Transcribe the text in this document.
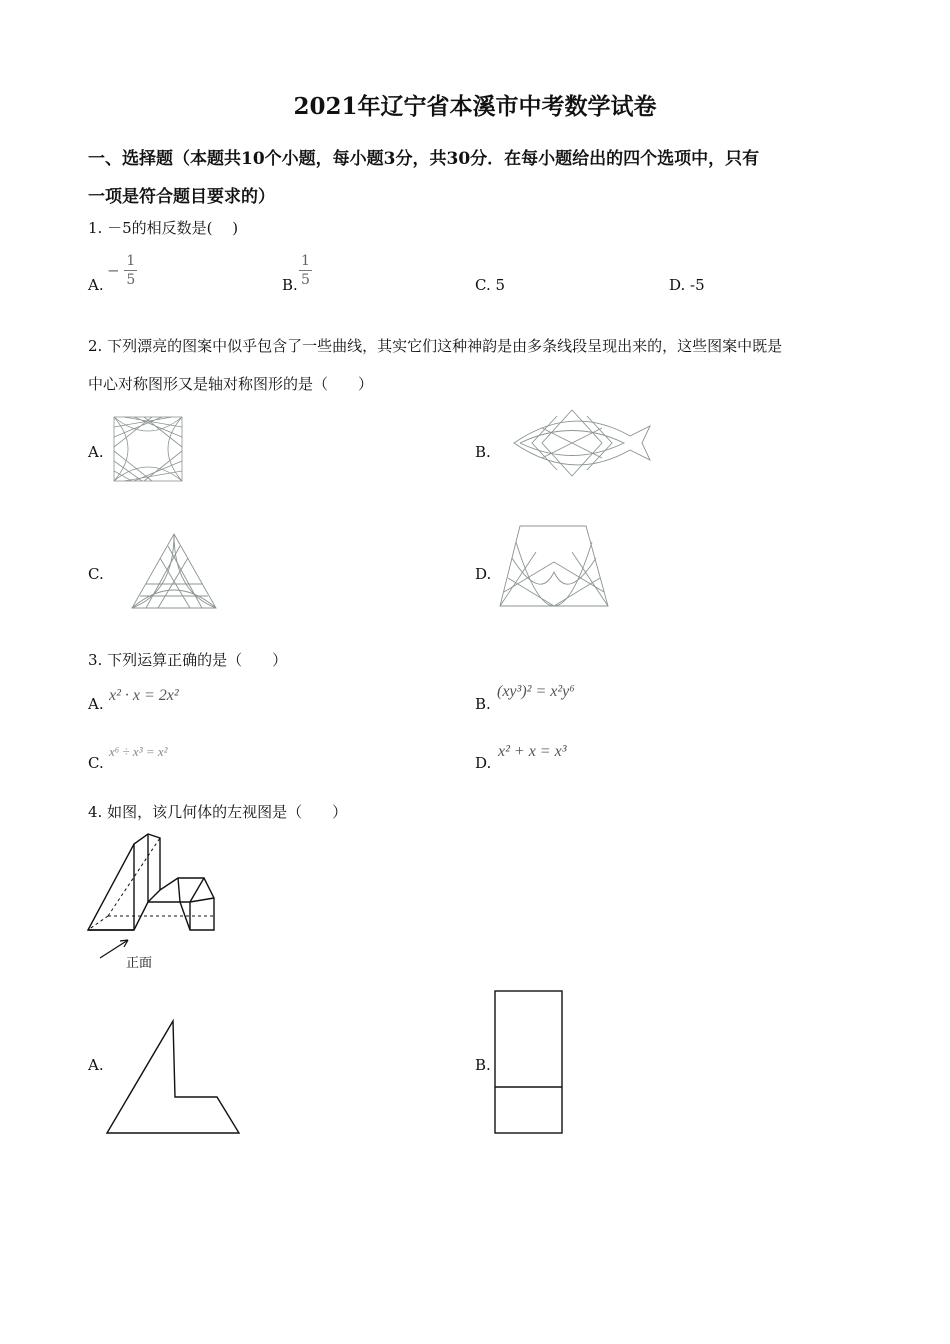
2021年辽宁省本溪市中考数学试卷
一、选择题（本题共10个小题，每小题3分，共30分．在每小题给出的四个选项中，只有
一项是符合题目要求的）
1. －5的相反数是(　 )
A.
− $\frac{1}{5}$	B. $\frac{1}{5}$	C. 5	D. -5
2. 下列漂亮的图案中似乎包含了一些曲线，其实它们这种神韵是由多条线段呈现出来的，这些图案中既是
中心对称图形又是轴对称图形的是（　　）
A.	B.
C.	D.
3. 下列运算正确的是（　　）
A. x² · x = 2x²	B.
(xy³)² = x²y⁶
C.
x⁶ ÷ x³ = x²
D.
x² + x = x³
4. 如图，该几何体的左视图是（　　）
正面
A.	B.
